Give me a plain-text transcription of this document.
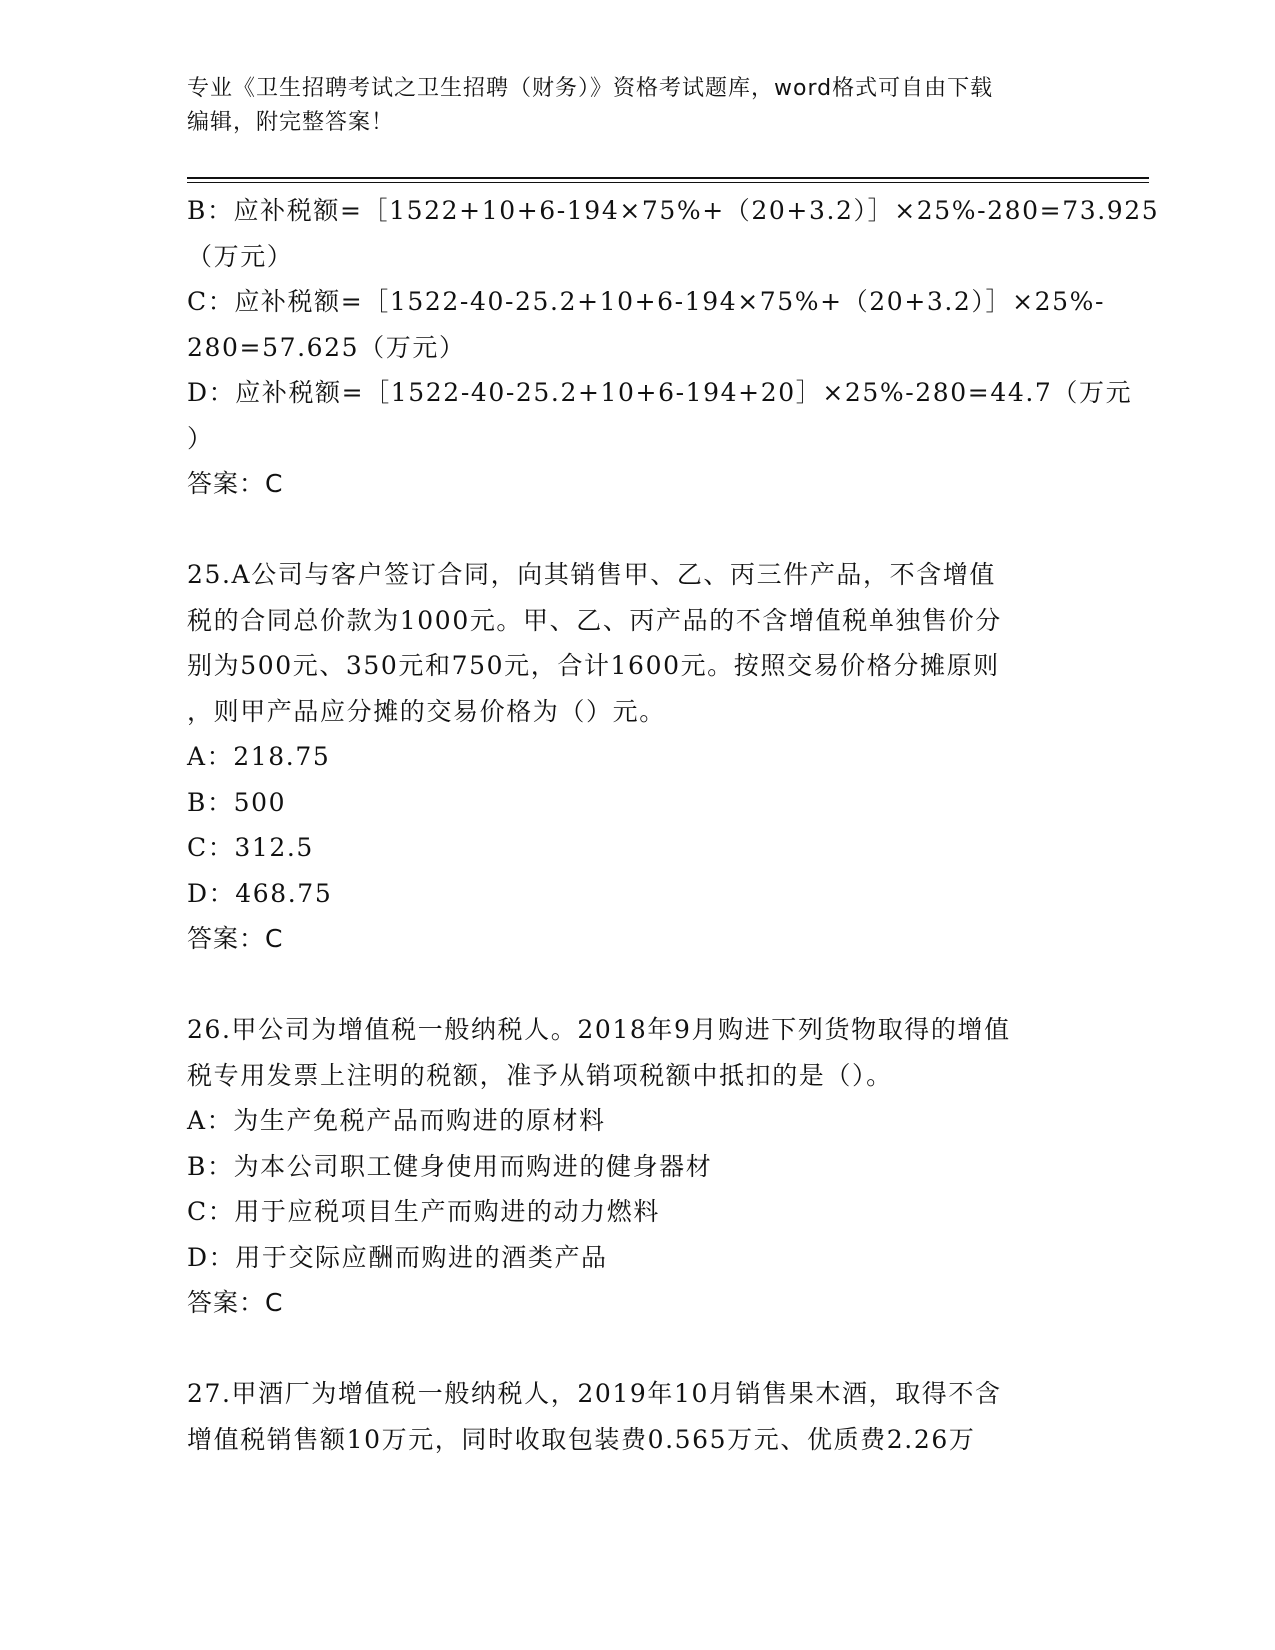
专业《卫生招聘考试之卫生招聘（财务）》资格考试题库，word格式可自由下载
编辑，附完整答案！
B：应补税额=［1522+10+6-194×75%+（20+3.2）］×25%-280=73.925
（万元）
C：应补税额=［1522-40-25.2+10+6-194×75%+（20+3.2）］×25%-
280=57.625（万元）
D：应补税额=［1522-40-25.2+10+6-194+20］×25%-280=44.7（万元
）
答案：C
25.A公司与客户签订合同，向其销售甲、乙、丙三件产品，不含增值
税的合同总价款为1000元。甲、乙、丙产品的不含增值税单独售价分
别为500元、350元和750元，合计1600元。按照交易价格分摊原则
，则甲产品应分摊的交易价格为（）元。
A：218.75
B：500
C：312.5
D：468.75
答案：C
26.甲公司为增值税一般纳税人。2018年9月购进下列货物取得的增值
税专用发票上注明的税额，准予从销项税额中抵扣的是（）。
A：为生产免税产品而购进的原材料
B：为本公司职工健身使用而购进的健身器材
C：用于应税项目生产而购进的动力燃料
D：用于交际应酬而购进的酒类产品
答案：C
27.甲酒厂为增值税一般纳税人，2019年10月销售果木酒，取得不含
增值税销售额10万元，同时收取包装费0.565万元、优质费2.26万
